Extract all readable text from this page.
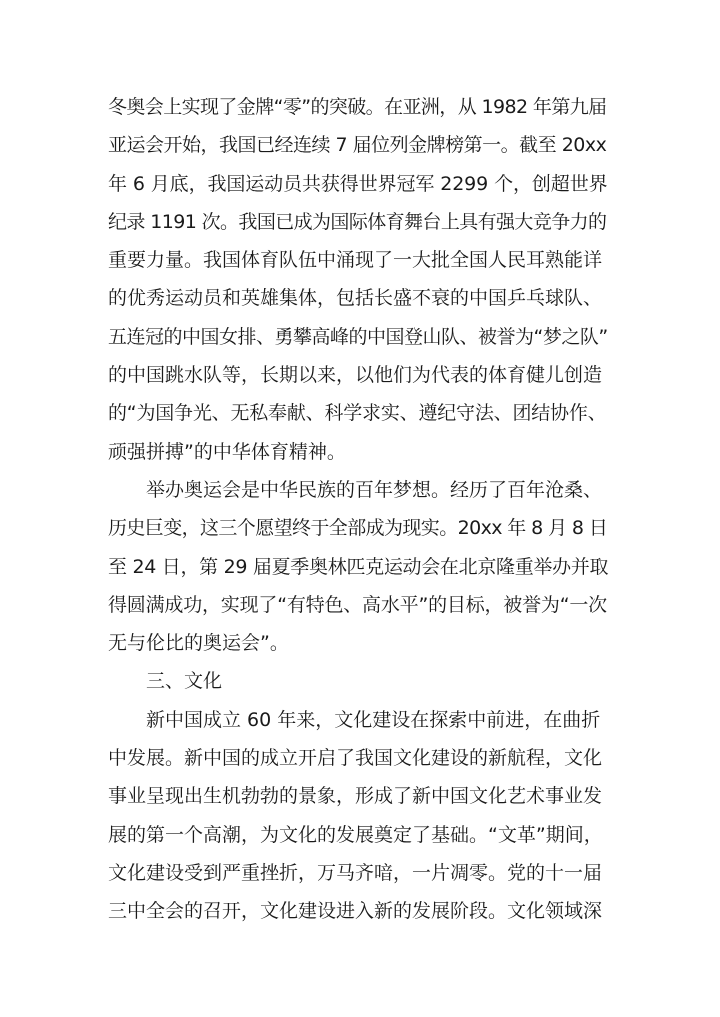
冬奥会上实现了金牌“零”的突破。在亚洲，从 1982 年第九届
亚运会开始，我国已经连续 7 届位列金牌榜第一。截至 20xx
年 6 月底，我国运动员共获得世界冠军 2299 个，创超世界
纪录 1191 次。我国已成为国际体育舞台上具有强大竞争力的
重要力量。我国体育队伍中涌现了一大批全国人民耳熟能详
的优秀运动员和英雄集体，包括长盛不衰的中国乒乓球队、
五连冠的中国女排、勇攀高峰的中国登山队、被誉为“梦之队”
的中国跳水队等，长期以来，以他们为代表的体育健儿创造
的“为国争光、无私奉献、科学求实、遵纪守法、团结协作、
顽强拼搏”的中华体育精神。
举办奥运会是中华民族的百年梦想。经历了百年沧桑、
历史巨变，这三个愿望终于全部成为现实。20xx 年 8 月 8 日
至 24 日，第 29 届夏季奥林匹克运动会在北京隆重举办并取
得圆满成功，实现了“有特色、高水平”的目标，被誉为“一次
无与伦比的奥运会”。
三、文化
新中国成立 60 年来，文化建设在探索中前进，在曲折
中发展。新中国的成立开启了我国文化建设的新航程，文化
事业呈现出生机勃勃的景象，形成了新中国文化艺术事业发
展的第一个高潮，为文化的发展奠定了基础。“文革”期间，
文化建设受到严重挫折，万马齐喑，一片凋零。党的十一届
三中全会的召开，文化建设进入新的发展阶段。文化领域深
